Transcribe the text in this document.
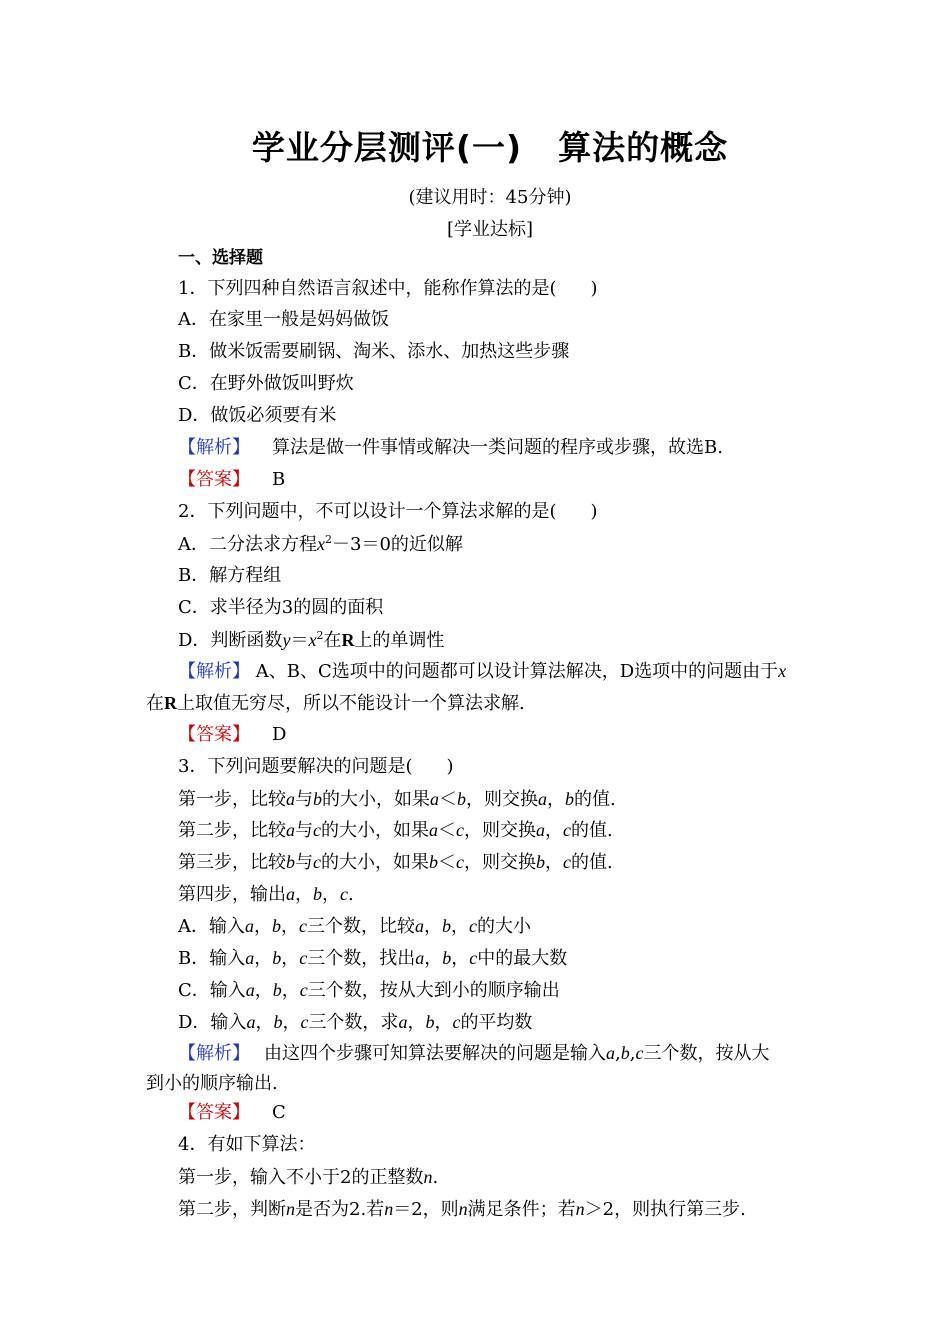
学业分层测评(一) 算法的概念
(建议用时：45分钟)
[学业达标]
一、选择题
1．下列四种自然语言叙述中，能称作算法的是( )
A．在家里一般是妈妈做饭
B．做米饭需要刷锅、淘米、添水、加热这些步骤
C．在野外做饭叫野炊
D．做饭必须要有米
【解析】 算法是做一件事情或解决一类问题的程序或步骤，故选B.
【答案】 B
2．下列问题中，不可以设计一个算法求解的是( )
A．二分法求方程$x^2-3=0$的近似解
B．解方程组
C．求半径为3的圆的面积
D．判断函数$y=x^2$在R上的单调性
【解析】 A、B、C选项中的问题都可以设计算法解决，D选项中的问题由于x
在R上取值无穷尽，所以不能设计一个算法求解.
【答案】 D
3．下列问题要解决的问题是( )
第一步，比较a与b的大小，如果a＜b，则交换a，b的值.
第二步，比较a与c的大小，如果a＜c，则交换a，c的值.
第三步，比较b与c的大小，如果b＜c，则交换b，c的值.
第四步，输出a，b，c.
A．输入a，b，c三个数，比较a，b，c的大小
B．输入a，b，c三个数，找出a，b，c中的最大数
C．输入a，b，c三个数，按从大到小的顺序输出
D．输入a，b，c三个数，求a，b，c的平均数
【解析】 由这四个步骤可知算法要解决的问题是输入a,b,c三个数，按从大
到小的顺序输出.
【答案】 C
4．有如下算法：
第一步，输入不小于2的正整数n.
第二步，判断n是否为2.若n＝2，则n满足条件；若n＞2，则执行第三步.
